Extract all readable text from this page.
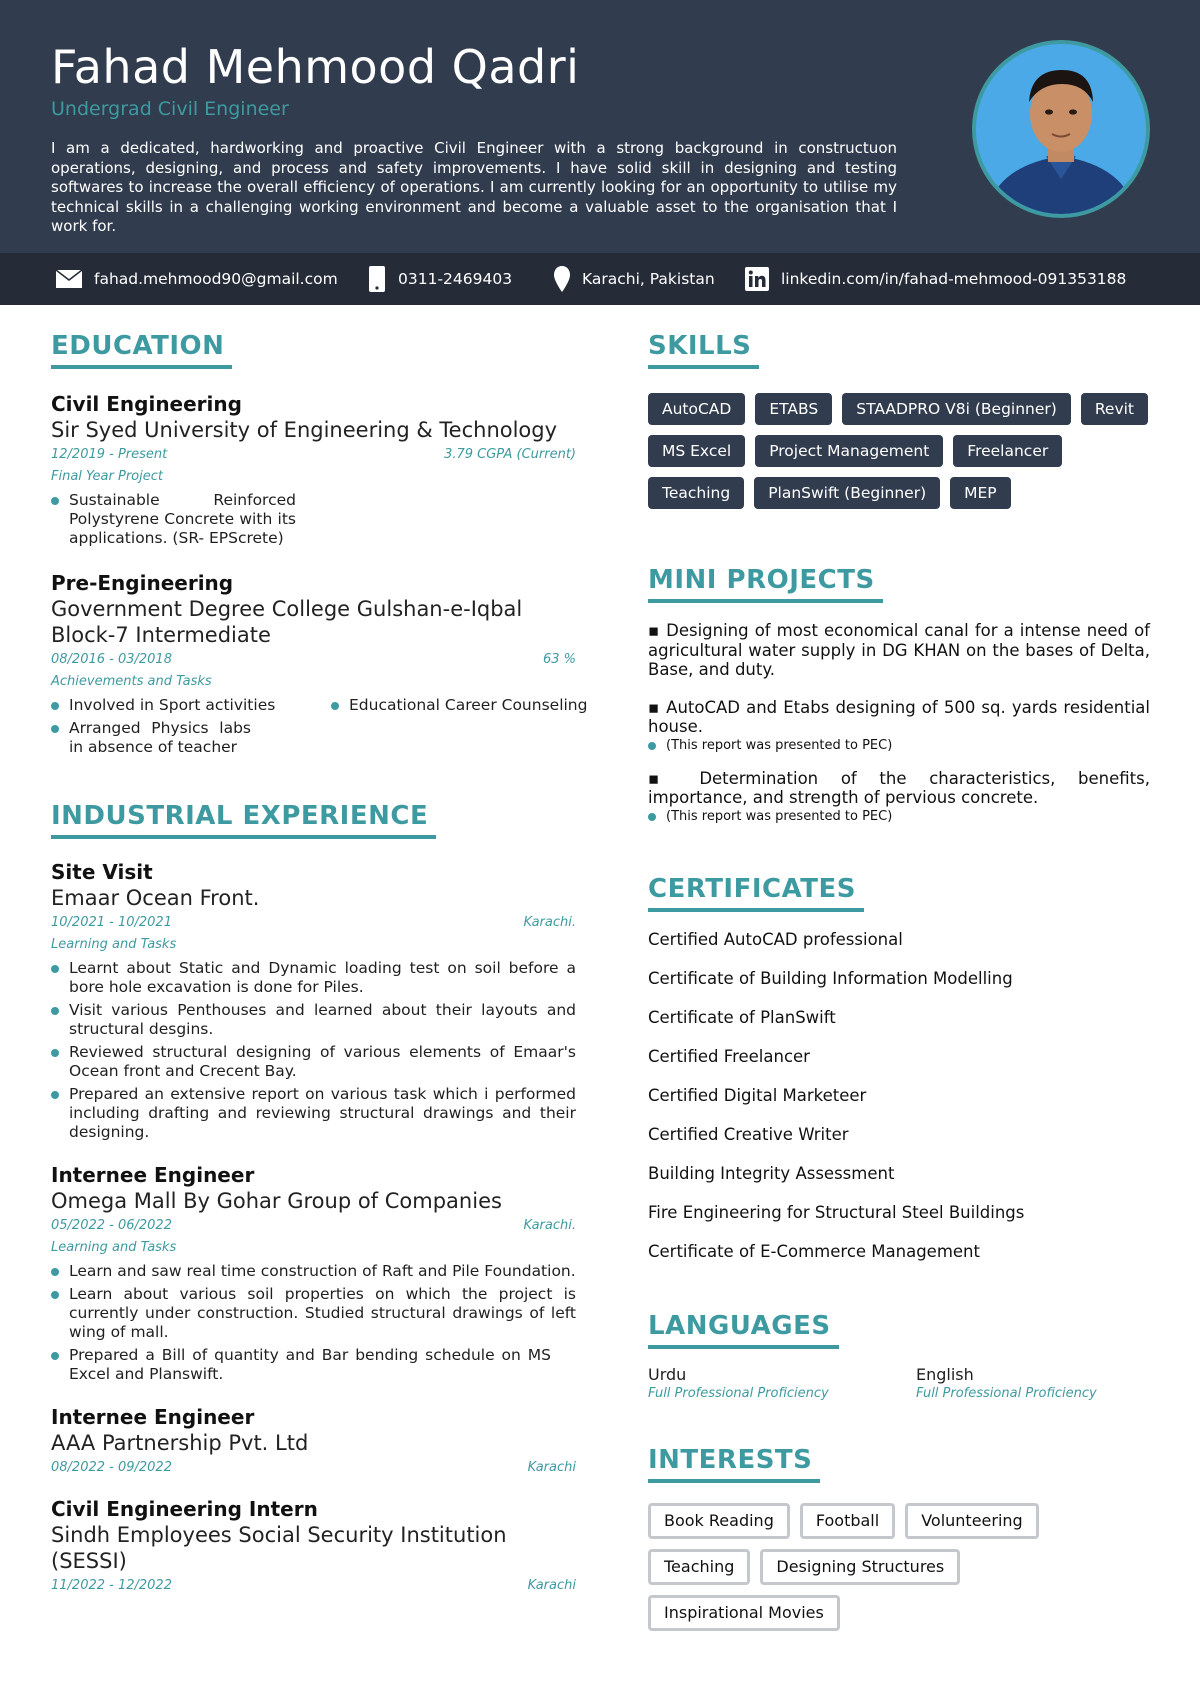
Fahad Mehmood Qadri
Undergrad Civil Engineer
I am a dedicated, hardworking and proactive Civil Engineer with a strong background in constructuon operations, designing, and process and safety improvements. I have solid skill in designing and testing softwares to increase the overall efficiency of operations. I am currently looking for an opportunity to utilise my technical skills in a challenging working environment and become a valuable asset to the organisation that I work for.
fahad.mehmood90@gmail.com	0311-2469403	Karachi, Pakistan	linkedin.com/in/fahad-mehmood-091353188
EDUCATION
Civil Engineering
Sir Syed University of Engineering & Technology
12/2019 - Present	3.79 CGPA (Current)
Final Year Project
Sustainable Reinforced Polystyrene Concrete with its applications. (SR- EPScrete)
Pre-Engineering
Government Degree College Gulshan-e-Iqbal Block-7 Intermediate
08/2016 - 03/2018	63 %
Achievements and Tasks
Involved in Sport activities	Educational Career Counseling
Arranged Physics labs in absence of teacher
INDUSTRIAL EXPERIENCE
Site Visit
Emaar Ocean Front.
10/2021 - 10/2021	Karachi.
Learning and Tasks
Learnt about Static and Dynamic loading test on soil before a bore hole excavation is done for Piles.
Visit various Penthouses and learned about their layouts and structural desgins.
Reviewed structural designing of various elements of Emaar's Ocean front and Crecent Bay.
Prepared an extensive report on various task which i performed including drafting and reviewing structural drawings and their designing.
Internee Engineer
Omega Mall By Gohar Group of Companies
05/2022 - 06/2022	Karachi.
Learning and Tasks
Learn and saw real time construction of Raft and Pile Foundation.
Learn about various soil properties on which the project is currently under construction. Studied structural drawings of left wing of mall.
Prepared a Bill of quantity and Bar bending schedule on MS Excel and Planswift.
Internee Engineer
AAA Partnership Pvt. Ltd
08/2022 - 09/2022	Karachi
Civil Engineering Intern
Sindh Employees Social Security Institution (SESSI)
11/2022 - 12/2022	Karachi
SKILLS
AutoCAD	ETABS	STAADPRO V8i (Beginner)	Revit
MS Excel	Project Management	Freelancer
Teaching	PlanSwift (Beginner)	MEP
MINI PROJECTS
▪ Designing of most economical canal for a intense need of agricultural water supply in DG KHAN on the bases of Delta, Base, and duty.
▪ AutoCAD and Etabs designing of 500 sq. yards residential house.
(This report was presented to PEC)
▪ Determination of the characteristics, benefits, importance, and strength of pervious concrete.
(This report was presented to PEC)
CERTIFICATES
Certified AutoCAD professional
Certificate of Building Information Modelling
Certificate of PlanSwift
Certified Freelancer
Certified Digital Marketeer
Certified Creative Writer
Building Integrity Assessment
Fire Engineering for Structural Steel Buildings
Certificate of E-Commerce Management
LANGUAGES
Urdu
Full Professional Proficiency
English
Full Professional Proficiency
INTERESTS
Book Reading	Football	Volunteering
Teaching	Designing Structures
Inspirational Movies
